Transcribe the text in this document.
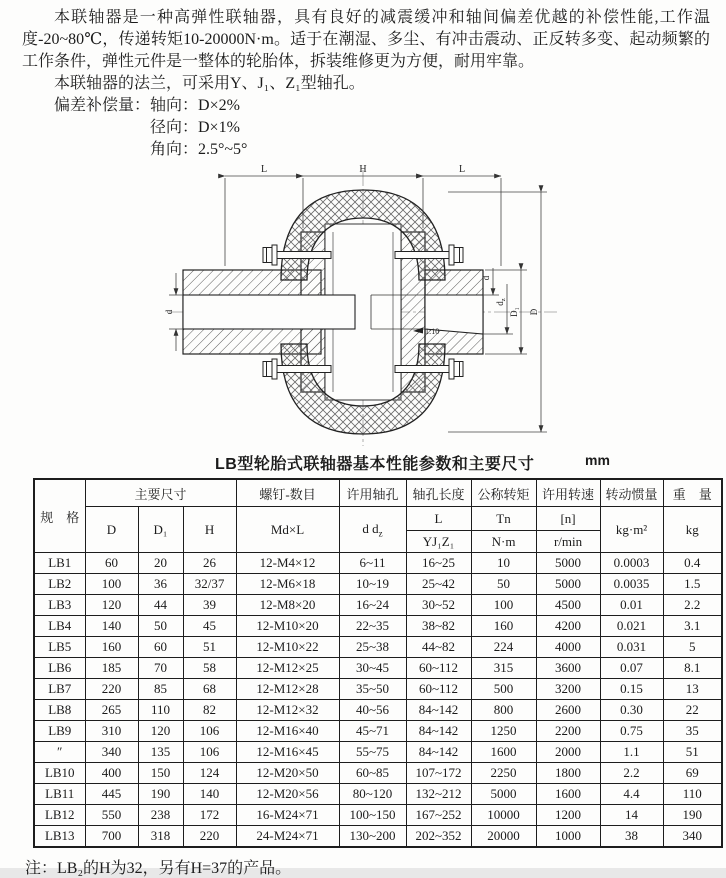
本联轴器是一种高弹性联轴器，具有良好的减震缓冲和轴间偏差优越的补偿性能,工作温度-20~80℃，传递转矩10-20000N·m。适于在潮湿、多尘、有冲击震动、正反转多变、起动频繁的工作条件，弹性元件是一整体的轮胎体，拆装维修更为方便，耐用牢靠。

本联轴器的法兰，可采用Y、J₁、Z₁型轴孔。

偏差补偿量：轴向：D×2%
径向：D×1%
角向：2.5°~5°
L	H	L
d
1:10
d
$d_z$
D₁ D
LB型轮胎式联轴器基本性能参数和主要尺寸	mm
规　格	主要尺寸			螺钉-数目	许用轴孔	轴孔长度	公称转矩	许用转速	转动惯量	重　量
	D	D₁	H	Md×L	d $d_z$	L	Tn	[n]	kg·m²	kg
						YJ₁Z₁	N·m	r/min		
LB1	60	20	26	12-M4×12	6~11	16~25	10	5000	0.0003	0.4
LB2	100	36	32/37	12-M6×18	10~19	25~42	50	5000	0.0035	1.5
LB3	120	44	39	12-M8×20	16~24	30~52	100	4500	0.01	2.2
LB4	140	50	45	12-M10×20	22~35	38~82	160	4200	0.021	3.1
LB5	160	60	51	12-M10×22	25~38	44~82	224	4000	0.031	5
LB6	185	70	58	12-M12×25	30~45	60~112	315	3600	0.07	8.1
LB7	220	85	68	12-M12×28	35~50	60~112	500	3200	0.15	13
LB8	265	110	82	12-M12×32	40~56	84~142	800	2600	0.30	22
LB9	310	120	106	12-M16×40	45~71	84~142	1250	2200	0.75	35
″	340	135	106	12-M16×45	55~75	84~142	1600	2000	1.1	51
LB10	400	150	124	12-M20×50	60~85	107~172	2250	1800	2.2	69
LB11	445	190	140	12-M20×56	80~120	132~212	5000	1600	4.4	110
LB12	550	238	172	16-M24×71	100~150	167~252	10000	1200	14	190
LB13	700	318	220	24-M24×71	130~200	202~352	20000	1000	38	340

注：LB₂的H为32，另有H=37的产品。
